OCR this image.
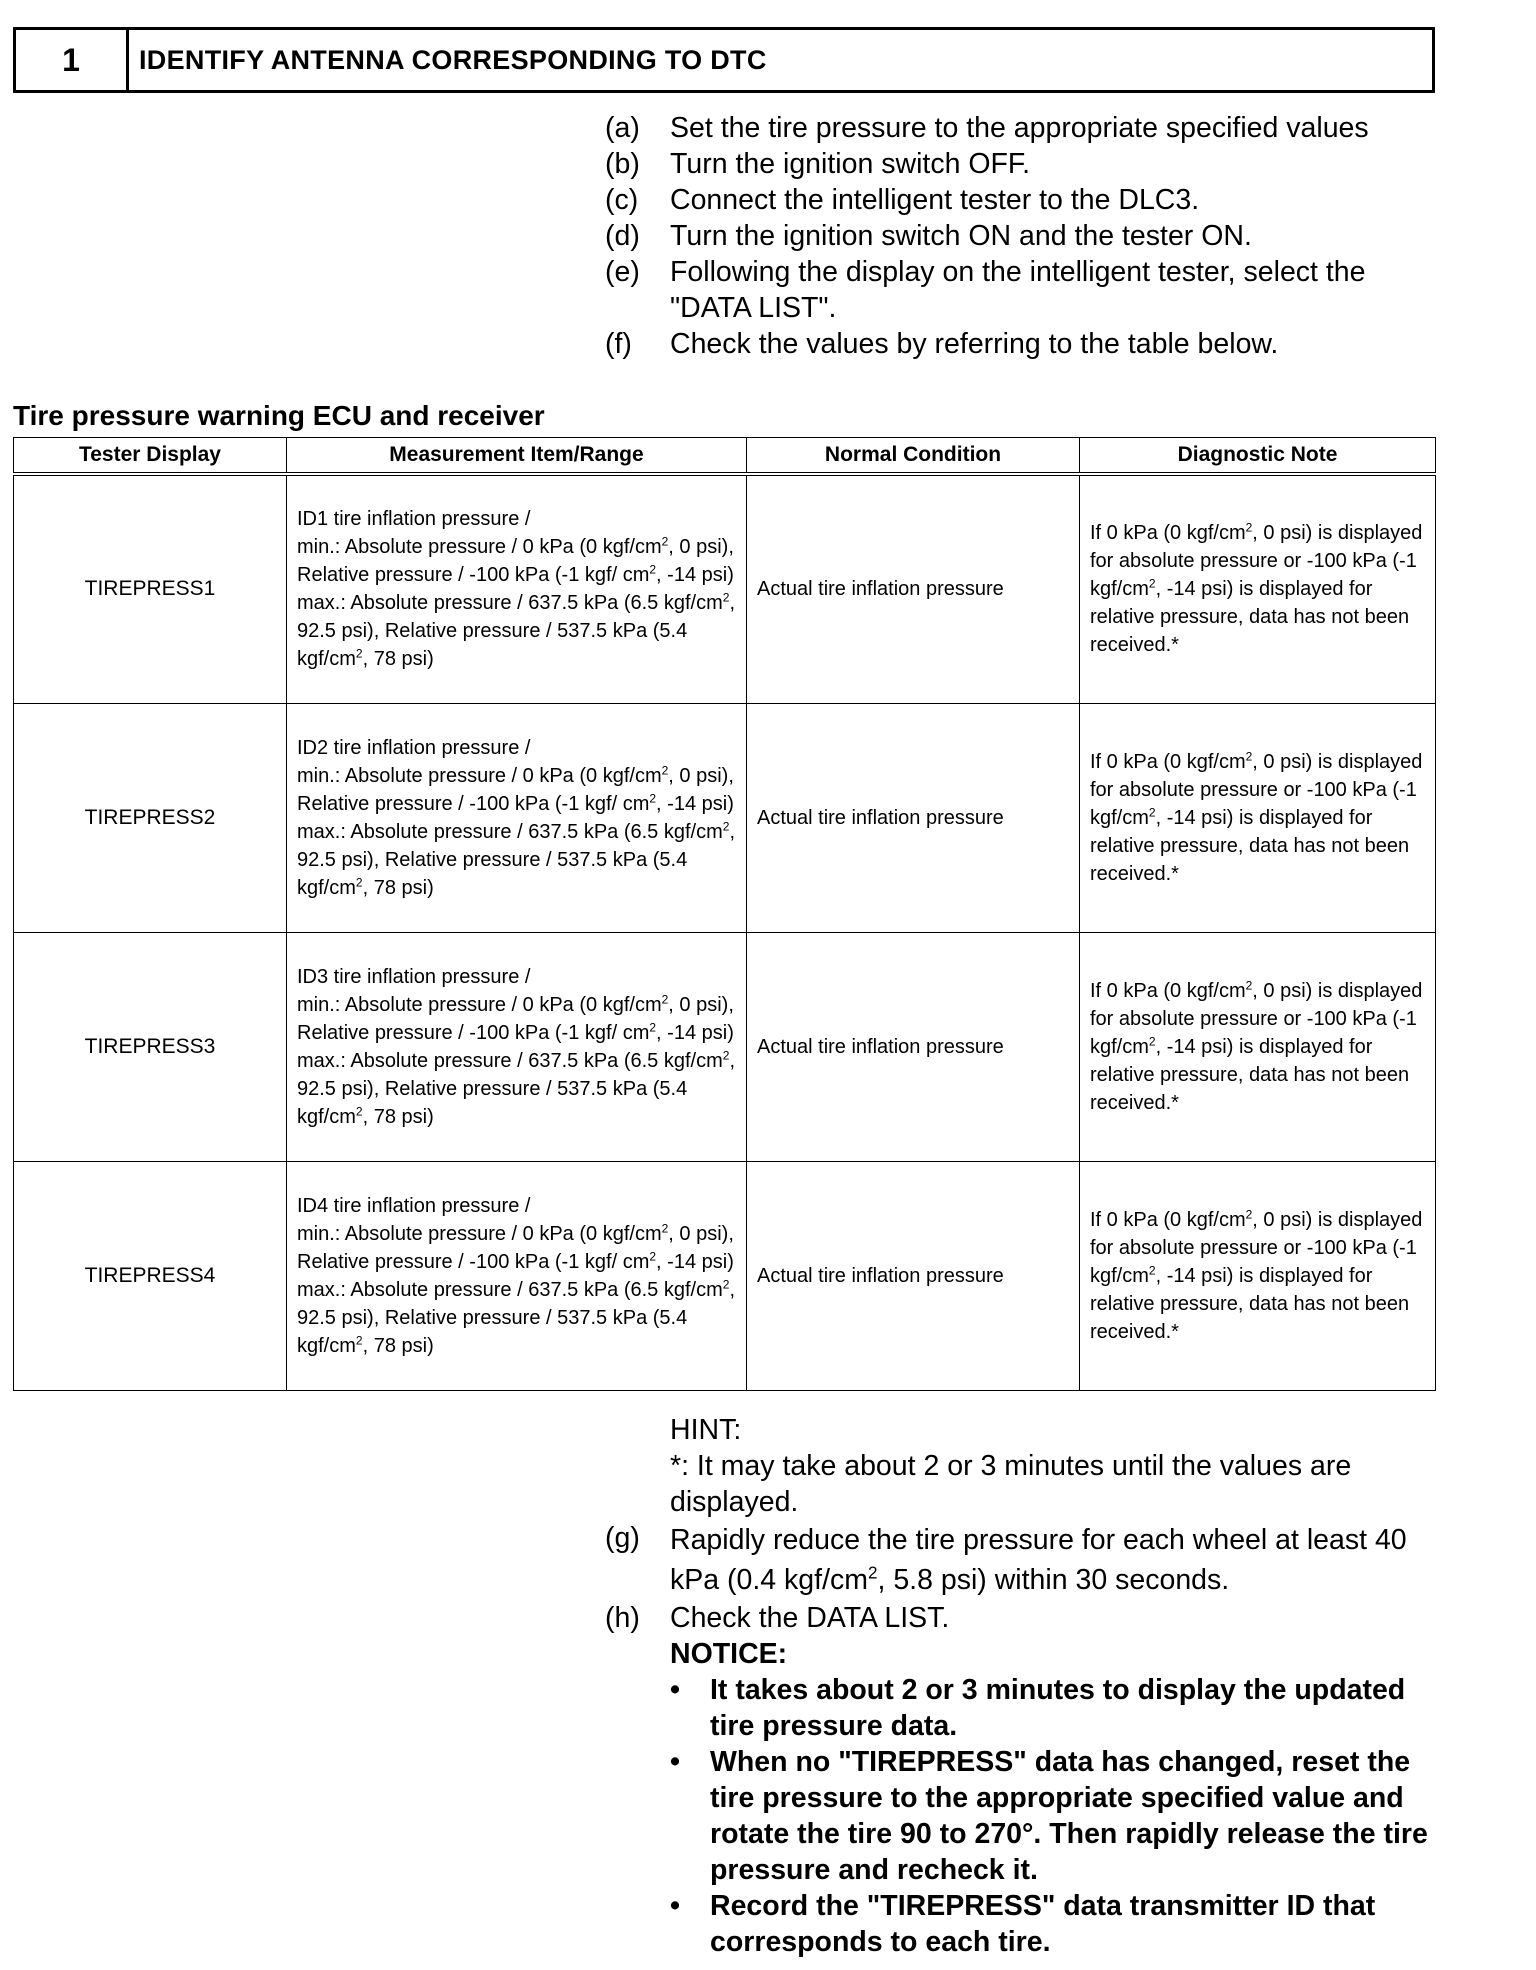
1	IDENTIFY ANTENNA CORRESPONDING TO DTC
(a)	Set the tire pressure to the appropriate specified values
(b)	Turn the ignition switch OFF.
(c)	Connect the intelligent tester to the DLC3.
(d)	Turn the ignition switch ON and the tester ON.
(e)	Following the display on the intelligent tester, select the "DATA LIST".
(f)	Check the values by referring to the table below.
Tire pressure warning ECU and receiver
Tester Display	Measurement Item/Range	Normal Condition	Diagnostic Note
TIREPRESS1	ID1 tire inflation pressure /
min.: Absolute pressure / 0 kPa (0 kgf/$cm^2$, 0 psi), Relative pressure / -100 kPa (-1 kgf/ $cm^2$, -14 psi)
max.: Absolute pressure / 637.5 kPa (6.5 kgf/$cm^2$, 92.5 psi), Relative pressure / 537.5 kPa (5.4 kgf/$cm^2$, 78 psi)	Actual tire inflation pressure	If 0 kPa (0 kgf/$cm^2$, 0 psi) is displayed for absolute pressure or -100 kPa (-1 kgf/$cm^2$, -14 psi) is displayed for relative pressure, data has not been received.*
TIREPRESS2	ID2 tire inflation pressure /
min.: Absolute pressure / 0 kPa (0 kgf/$cm^2$, 0 psi), Relative pressure / -100 kPa (-1 kgf/ $cm^2$, -14 psi)
max.: Absolute pressure / 637.5 kPa (6.5 kgf/$cm^2$, 92.5 psi), Relative pressure / 537.5 kPa (5.4 kgf/$cm^2$, 78 psi)	Actual tire inflation pressure	If 0 kPa (0 kgf/$cm^2$, 0 psi) is displayed for absolute pressure or -100 kPa (-1 kgf/$cm^2$, -14 psi) is displayed for relative pressure, data has not been received.*
TIREPRESS3	ID3 tire inflation pressure /
min.: Absolute pressure / 0 kPa (0 kgf/$cm^2$, 0 psi), Relative pressure / -100 kPa (-1 kgf/ $cm^2$, -14 psi)
max.: Absolute pressure / 637.5 kPa (6.5 kgf/$cm^2$, 92.5 psi), Relative pressure / 537.5 kPa (5.4 kgf/$cm^2$, 78 psi)	Actual tire inflation pressure	If 0 kPa (0 kgf/$cm^2$, 0 psi) is displayed for absolute pressure or -100 kPa (-1 kgf/$cm^2$, -14 psi) is displayed for relative pressure, data has not been received.*
TIREPRESS4	ID4 tire inflation pressure /
min.: Absolute pressure / 0 kPa (0 kgf/$cm^2$, 0 psi), Relative pressure / -100 kPa (-1 kgf/ $cm^2$, -14 psi)
max.: Absolute pressure / 637.5 kPa (6.5 kgf/$cm^2$, 92.5 psi), Relative pressure / 537.5 kPa (5.4 kgf/$cm^2$, 78 psi)	Actual tire inflation pressure	If 0 kPa (0 kgf/$cm^2$, 0 psi) is displayed for absolute pressure or -100 kPa (-1 kgf/$cm^2$, -14 psi) is displayed for relative pressure, data has not been received.*
HINT:
*: It may take about 2 or 3 minutes until the values are displayed.
(g)	Rapidly reduce the tire pressure for each wheel at least 40 kPa (0.4 kgf/$cm^2$, 5.8 psi) within 30 seconds.
(h)	Check the DATA LIST.
NOTICE:
•	It takes about 2 or 3 minutes to display the updated tire pressure data.
•	When no "TIREPRESS" data has changed, reset the tire pressure to the appropriate specified value and rotate the tire 90 to 270°. Then rapidly release the tire pressure and recheck it.
•	Record the "TIREPRESS" data transmitter ID that corresponds to each tire.
